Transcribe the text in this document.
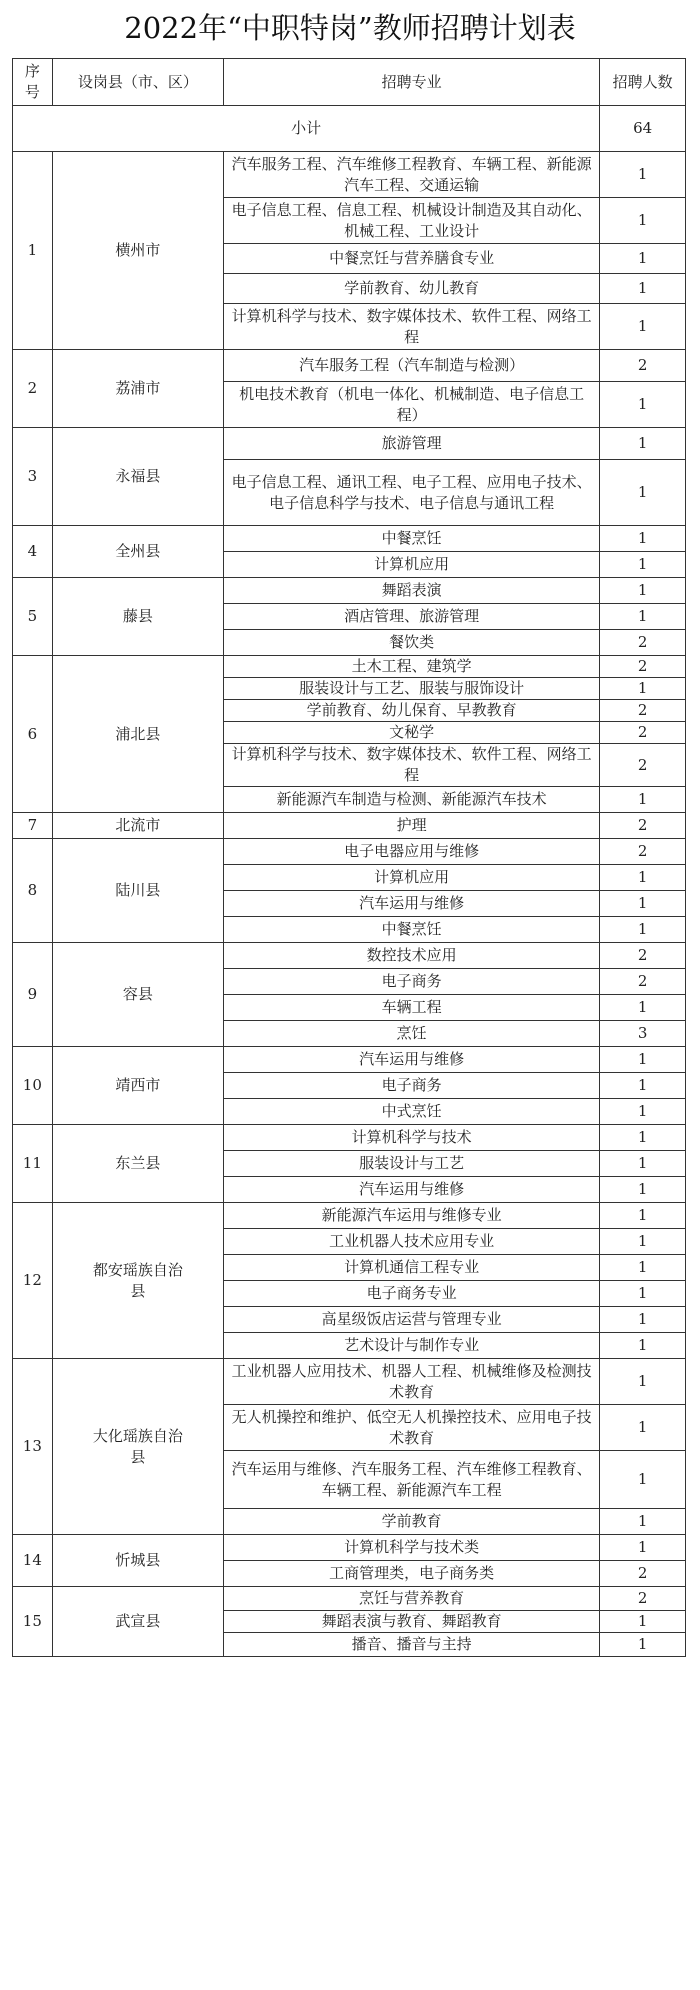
2022年“中职特岗”教师招聘计划表
序号	设岗县（市、区）	招聘专业	招聘人数
小计			64
1	横州市	汽车服务工程、汽车维修工程教育、车辆工程、新能源汽车工程、交通运输	1
		电子信息工程、信息工程、机械设计制造及其自动化、机械工程、工业设计	1
		中餐烹饪与营养膳食专业	1
		学前教育、幼儿教育	1
		计算机科学与技术、数字媒体技术、软件工程、网络工程	1
2	荔浦市	汽车服务工程（汽车制造与检测）	2
		机电技术教育（机电一体化、机械制造、电子信息工程）	1
3	永福县	旅游管理	1
		电子信息工程、通讯工程、电子工程、应用电子技术、电子信息科学与技术、电子信息与通讯工程	1
4	全州县	中餐烹饪	1
		计算机应用	1
5	藤县	舞蹈表演	1
		酒店管理、旅游管理	1
		餐饮类	2
6	浦北县	土木工程、建筑学	2
		服装设计与工艺、服装与服饰设计	1
		学前教育、幼儿保育、早教教育	2
		文秘学	2
		计算机科学与技术、数字媒体技术、软件工程、网络工程	2
		新能源汽车制造与检测、新能源汽车技术	1
7	北流市	护理	2
8	陆川县	电子电器应用与维修	2
		计算机应用	1
		汽车运用与维修	1
		中餐烹饪	1
9	容县	数控技术应用	2
		电子商务	2
		车辆工程	1
		烹饪	3
10	靖西市	汽车运用与维修	1
		电子商务	1
		中式烹饪	1
11	东兰县	计算机科学与技术	1
		服装设计与工艺	1
		汽车运用与维修	1
12	都安瑶族自治县	新能源汽车运用与维修专业	1
		工业机器人技术应用专业	1
		计算机通信工程专业	1
		电子商务专业	1
		高星级饭店运营与管理专业	1
		艺术设计与制作专业	1
13	大化瑶族自治县	工业机器人应用技术、机器人工程、机械维修及检测技术教育	1
		无人机操控和维护、低空无人机操控技术、应用电子技术教育	1
		汽车运用与维修、汽车服务工程、汽车维修工程教育、车辆工程、新能源汽车工程	1
		学前教育	1
14	忻城县	计算机科学与技术类	1
		工商管理类，电子商务类	2
15	武宣县	烹饪与营养教育	2
		舞蹈表演与教育、舞蹈教育	1
		播音、播音与主持	1
